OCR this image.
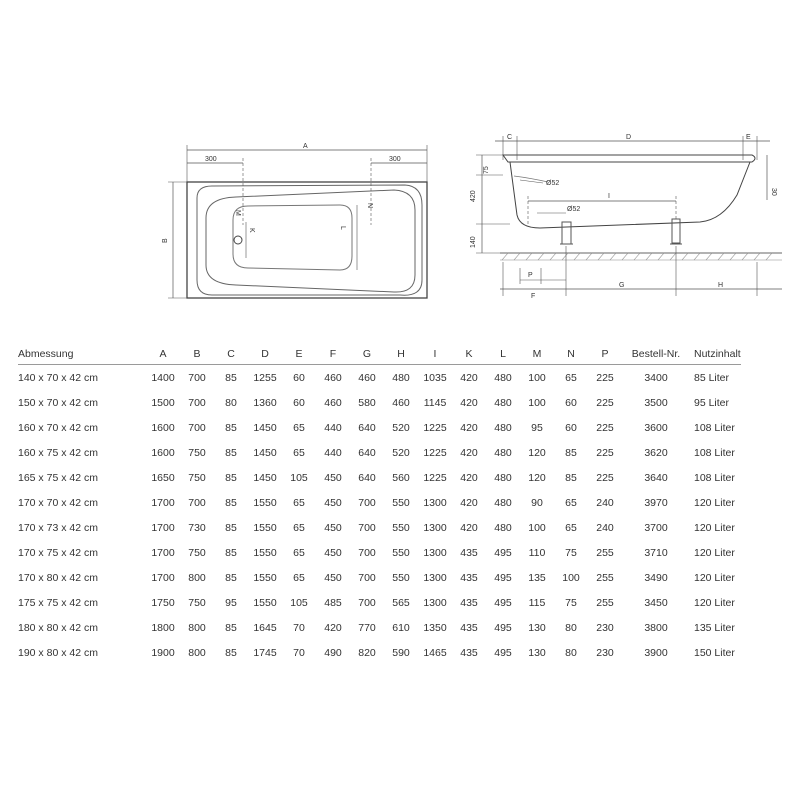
A
300	300
B
M
K
L
N
C	D	E
75
420
140
30
Ø52
Ø52
I
P
F
G	H
Abmessung	A	B	C	D	E	F	G	H	I	K	L	M	N	P	Bestell-Nr.	Nutzinhalt
140 x 70 x 42 cm	1400	700	85	1255	60	460	460	480	1035	420	480	100	65	225	3400	85 Liter
150 x 70 x 42 cm	1500	700	80	1360	60	460	580	460	1145	420	480	100	60	225	3500	95 Liter
160 x 70 x 42 cm	1600	700	85	1450	65	440	640	520	1225	420	480	95	60	225	3600	108 Liter
160 x 75 x 42 cm	1600	750	85	1450	65	440	640	520	1225	420	480	120	85	225	3620	108 Liter
165 x 75 x 42 cm	1650	750	85	1450	105	450	640	560	1225	420	480	120	85	225	3640	108 Liter
170 x 70 x 42 cm	1700	700	85	1550	65	450	700	550	1300	420	480	90	65	240	3970	120 Liter
170 x 73 x 42 cm	1700	730	85	1550	65	450	700	550	1300	420	480	100	65	240	3700	120 Liter
170 x 75 x 42 cm	1700	750	85	1550	65	450	700	550	1300	435	495	110	75	255	3710	120 Liter
170 x 80 x 42 cm	1700	800	85	1550	65	450	700	550	1300	435	495	135	100	255	3490	120 Liter
175 x 75 x 42 cm	1750	750	95	1550	105	485	700	565	1300	435	495	115	75	255	3450	120 Liter
180 x 80 x 42 cm	1800	800	85	1645	70	420	770	610	1350	435	495	130	80	230	3800	135 Liter
190 x 80 x 42 cm	1900	800	85	1745	70	490	820	590	1465	435	495	130	80	230	3900	150 Liter
